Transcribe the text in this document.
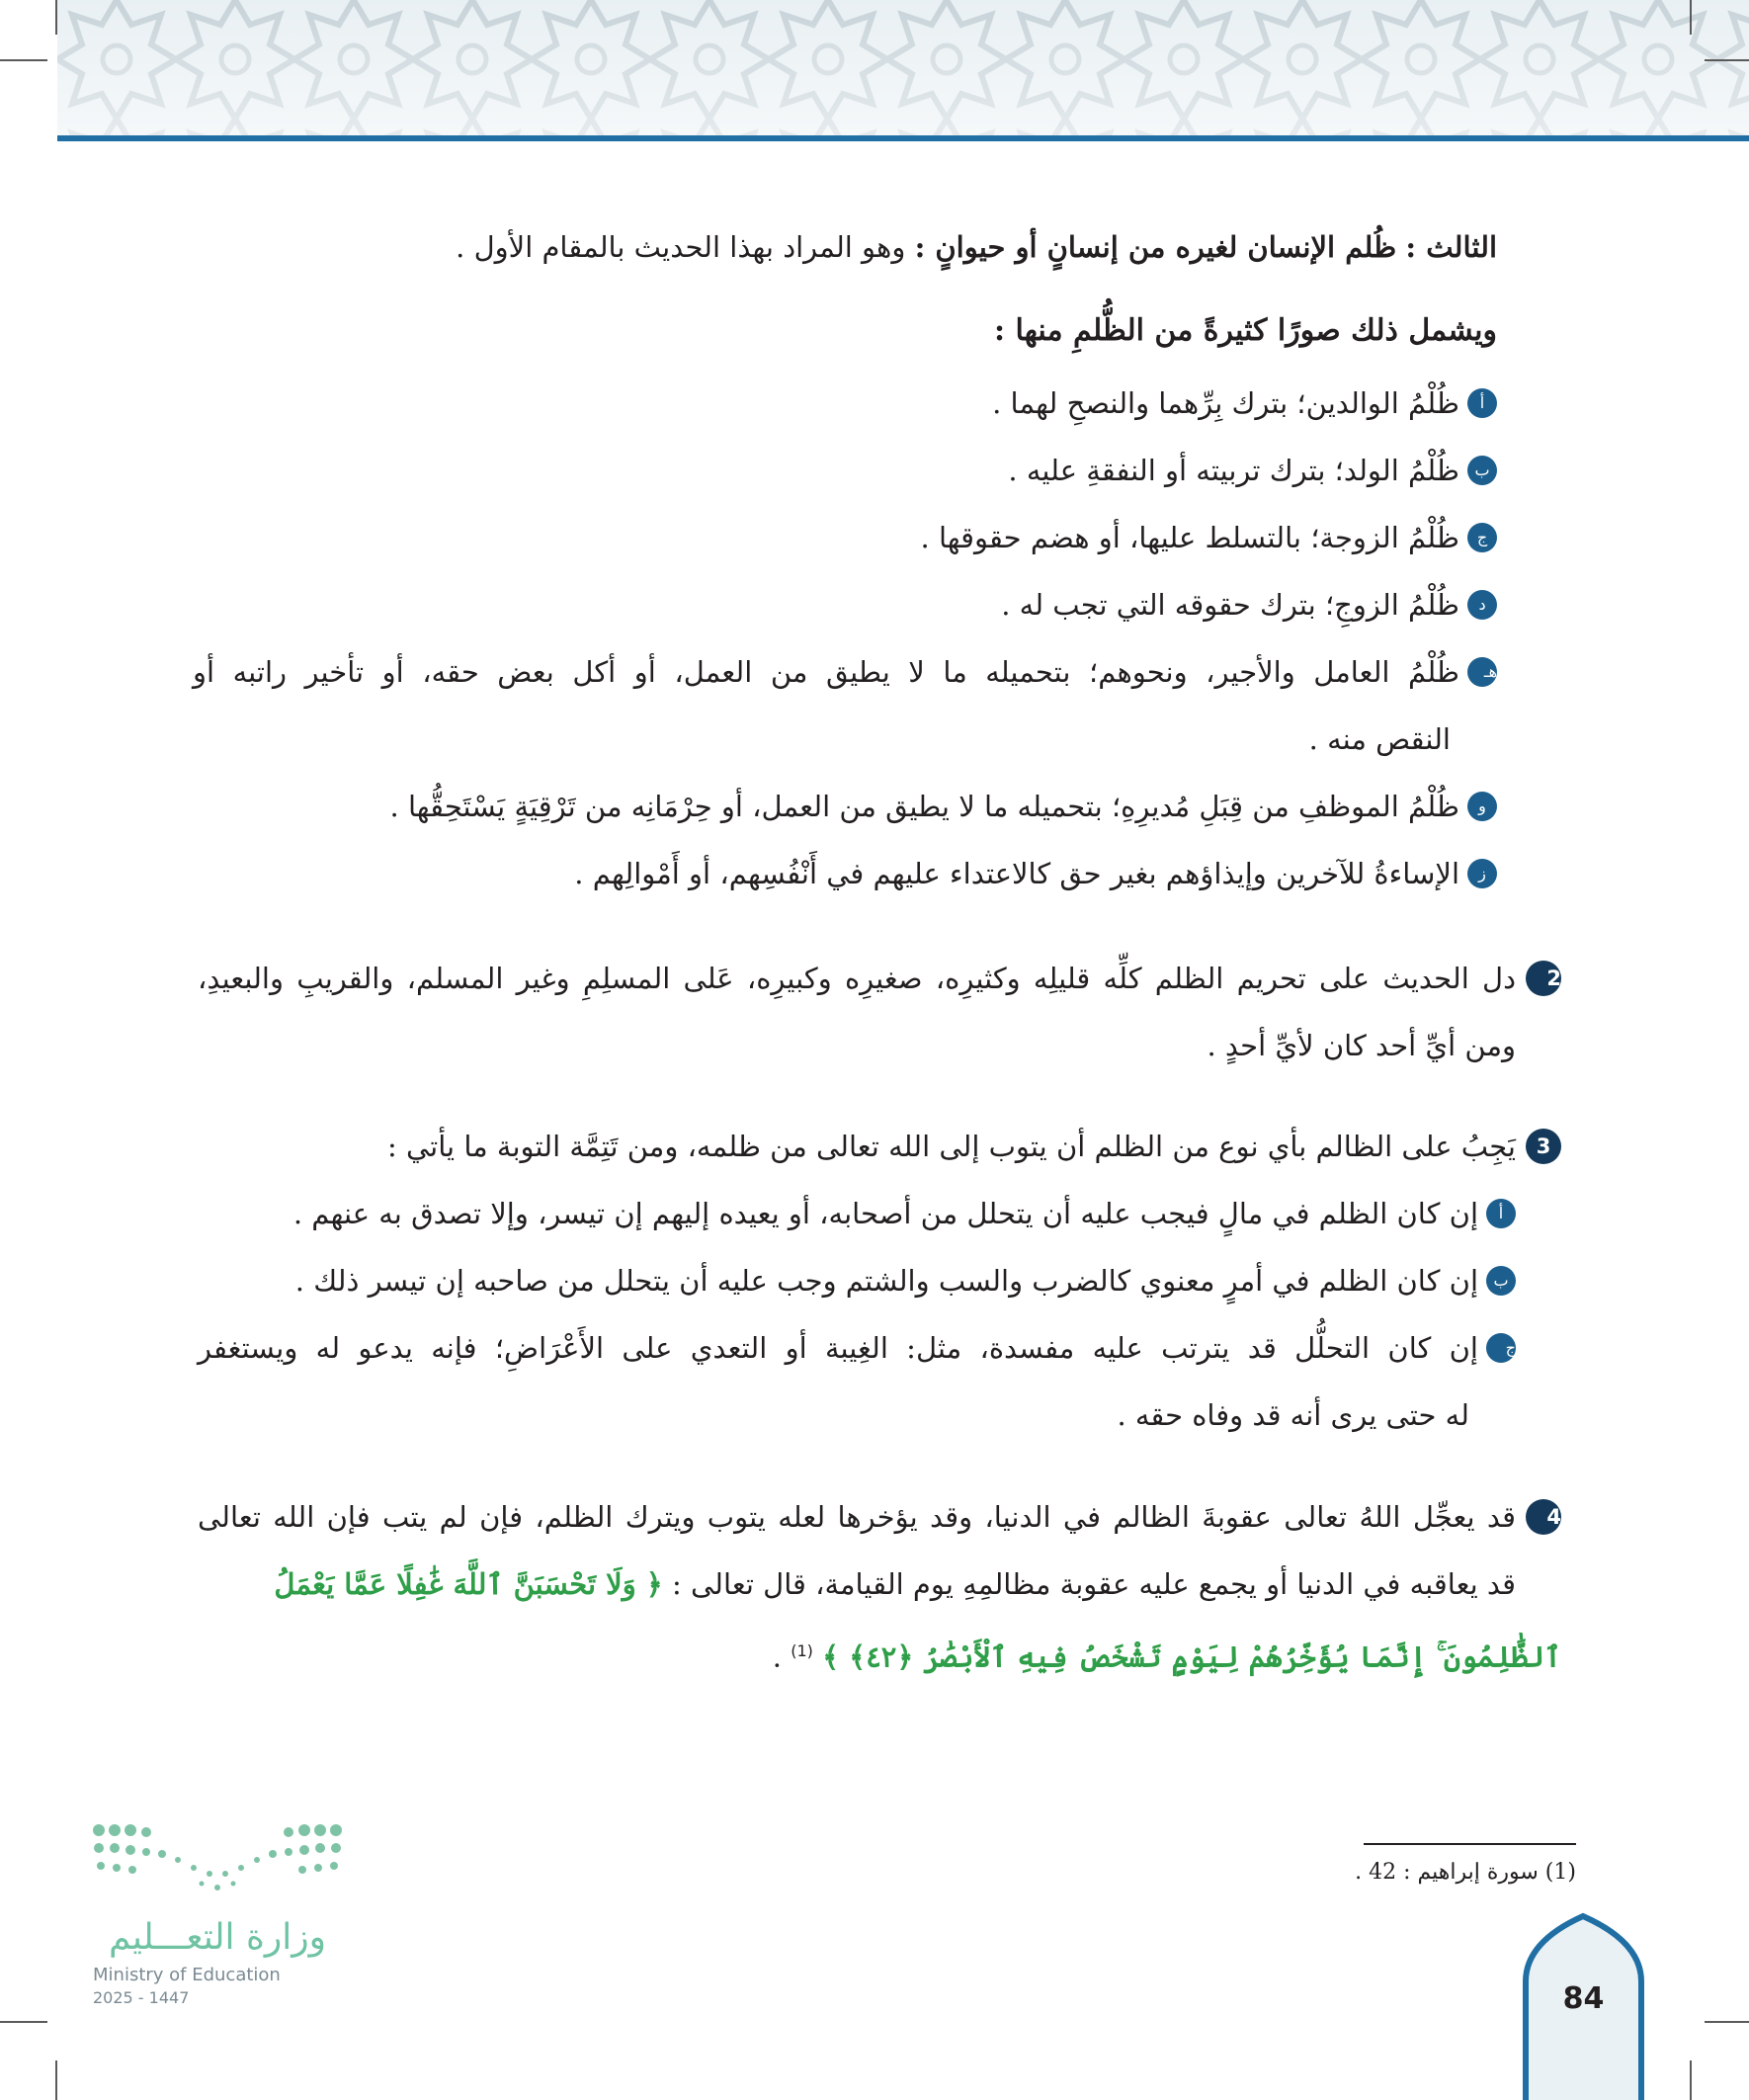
الثالث : ظُلم الإنسان لغيره من إنسانٍ أو حيوانٍ : وهو المراد بهذا الحديث بالمقام الأول .
ويشمل ذلك صورًا كثيرةً من الظُّلمِ منها :
أظُلْمُ الوالدين؛ بترك بِرِّهما والنصحِ لهما .
بظُلْمُ الولد؛ بترك تربيته أو النفقةِ عليه .
جظُلْمُ الزوجة؛ بالتسلط عليها، أو هضم حقوقها .
دظُلْمُ الزوجِ؛ بترك حقوقه التي تجب له .
هـظُلْمُ العامل والأجير، ونحوهم؛ بتحميله ما لا يطيق من العمل، أو أكل بعض حقه، أو تأخير راتبه أو
النقص منه .
وظُلْمُ الموظفِ من قِبَلِ مُديرِهِ؛ بتحميله ما لا يطيق من العمل، أو حِرْمَانِه من تَرْقِيَةٍ يَسْتَحِقُّها .
زالإساءةُ للآخرين وإيذاؤهم بغير حق كالاعتداء عليهم في أَنْفُسِهم، أو أَمْوالِهم .
2دل الحديث على تحريم الظلم كلِّه قليلِه وكثيرِه، صغيرِه وكبيرِه، عَلى المسلِمِ وغير المسلم، والقريبِ والبعيدِ،
ومن أيِّ أحد كان لأيِّ أحدٍ .
3يَجِبُ على الظالم بأي نوع من الظلم أن يتوب إلى الله تعالى من ظلمه، ومن تَتِمَّة التوبة ما يأتي :
أإن كان الظلم في مالٍ فيجب عليه أن يتحلل من أصحابه، أو يعيده إليهم إن تيسر، وإلا تصدق به عنهم .
بإن كان الظلم في أمرٍ معنوي كالضرب والسب والشتم وجب عليه أن يتحلل من صاحبه إن تيسر ذلك .
جإن كان التحلُّل قد يترتب عليه مفسدة، مثل: الغِيبة أو التعدي على الأَعْرَاضِ؛ فإنه يدعو له ويستغفر
له حتى يرى أنه قد وفاه حقه .
4قد يعجِّل اللهُ تعالى عقوبةَ الظالم في الدنيا، وقد يؤخرها لعله يتوب ويترك الظلم، فإن لم يتب فإن الله تعالى
قد يعاقبه في الدنيا أو يجمع عليه عقوبة مظالمِهِ يوم القيامة، قال تعالى : ﴿ وَلَا تَحْسَبَنَّ ٱللَّهَ غَٰفِلًا عَمَّا يَعْمَلُ
ٱلظَّٰلِمُونَ ۚ إِنَّمَا يُؤَخِّرُهُمْ لِيَوْمٍ تَشْخَصُ فِيهِ ٱلْأَبْصَٰرُ ﴿٤٢﴾ ﴾ $^{(1)}$ .
(1) سورة إبراهيم : 42 .
وزارة التعـــليم
Ministry of Education
2025 - 1447	84
